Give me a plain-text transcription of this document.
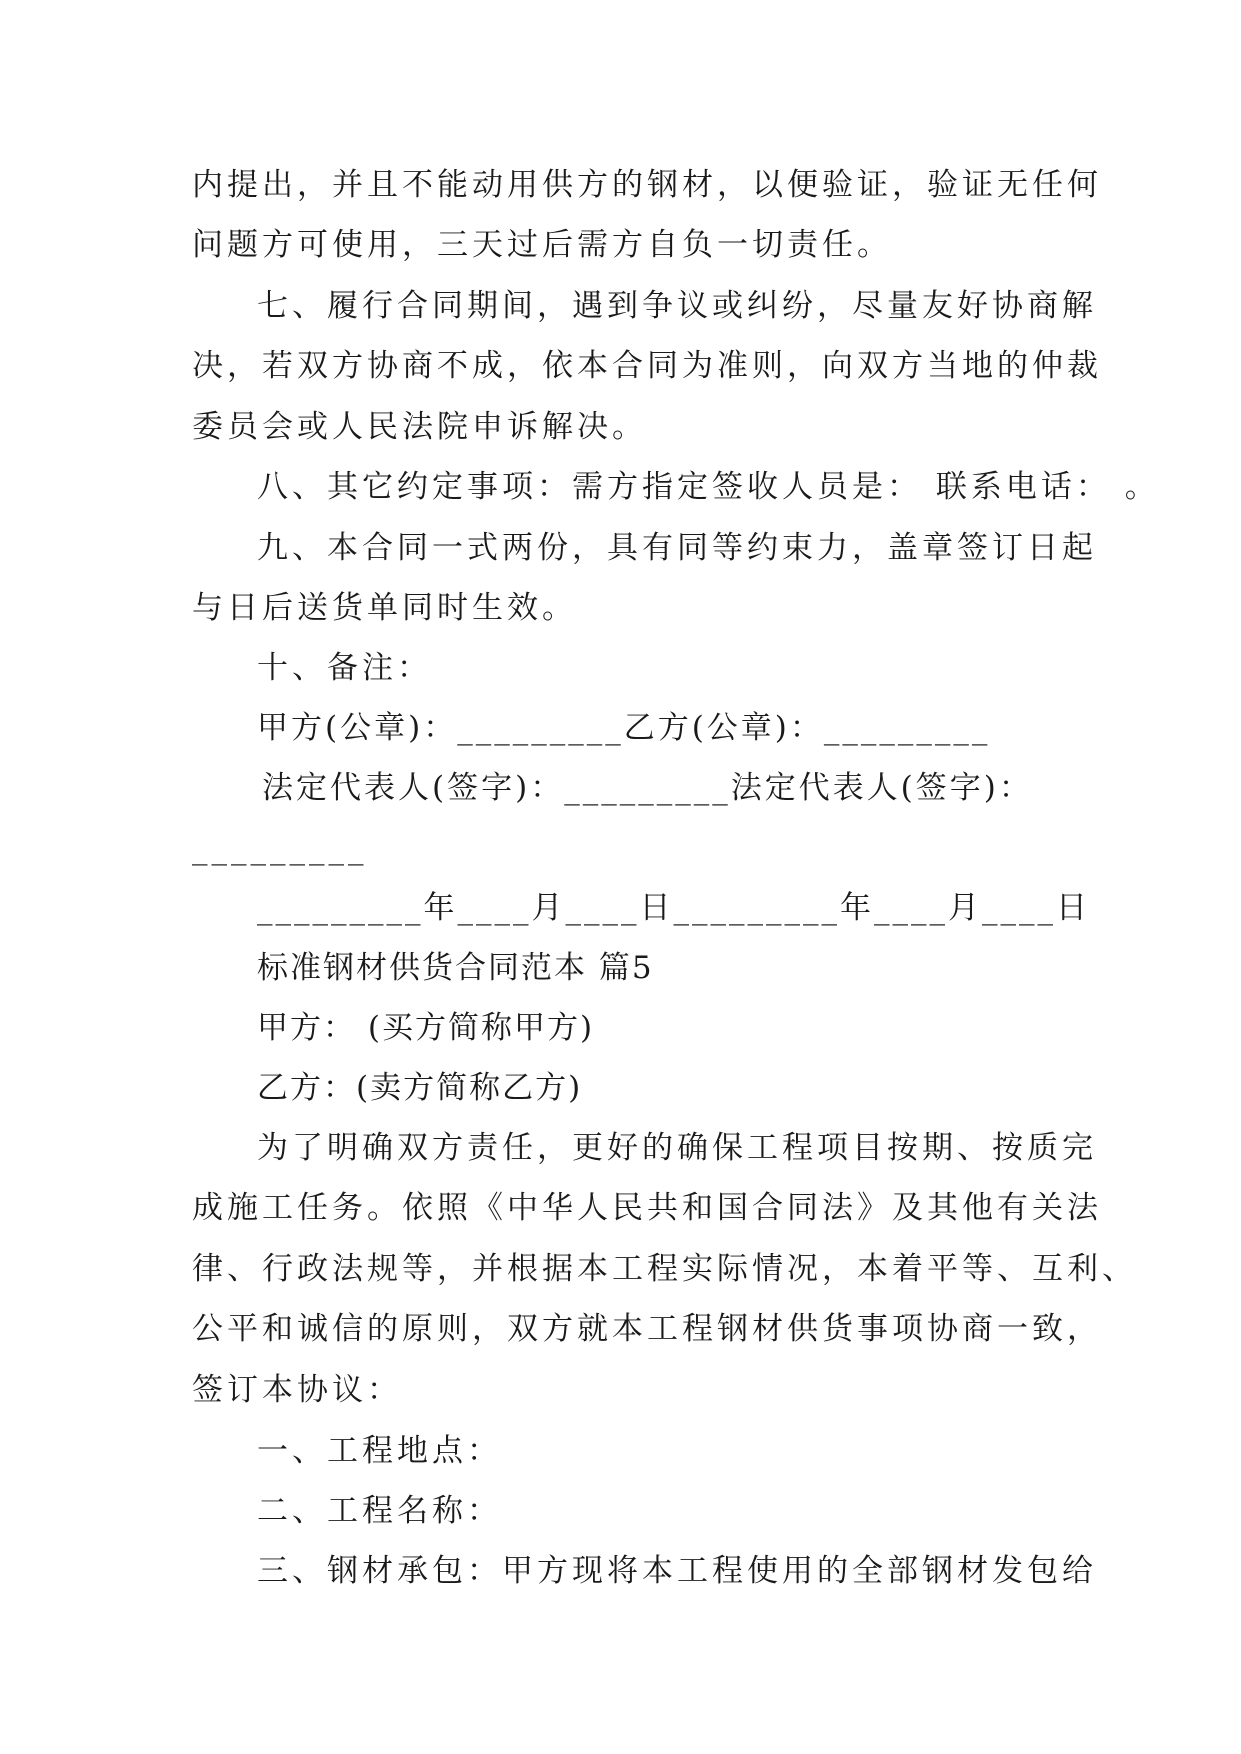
内提出，并且不能动用供方的钢材，以便验证，验证无任何
问题方可使用，三天过后需方自负一切责任。
七、履行合同期间，遇到争议或纠纷，尽量友好协商解
决，若双方协商不成，依本合同为准则，向双方当地的仲裁
委员会或人民法院申诉解决。
八、其它约定事项：需方指定签收人员是： 联系电话： 。
九、本合同一式两份，具有同等约束力，盖章签订日起
与日后送货单同时生效。
十、备注：
甲方(公章)：_________乙方(公章)：_________
法定代表人(签字)：_________法定代表人(签字)：
_________
_________年____月____日_________年____月____日
标准钢材供货合同范本 篇5
甲方： (买方简称甲方)
乙方：(卖方简称乙方)
为了明确双方责任，更好的确保工程项目按期、按质完
成施工任务。依照《中华人民共和国合同法》及其他有关法
律、行政法规等，并根据本工程实际情况，本着平等、互利、
公平和诚信的原则，双方就本工程钢材供货事项协商一致，
签订本协议：
一、工程地点：
二、工程名称：
三、钢材承包：甲方现将本工程使用的全部钢材发包给
